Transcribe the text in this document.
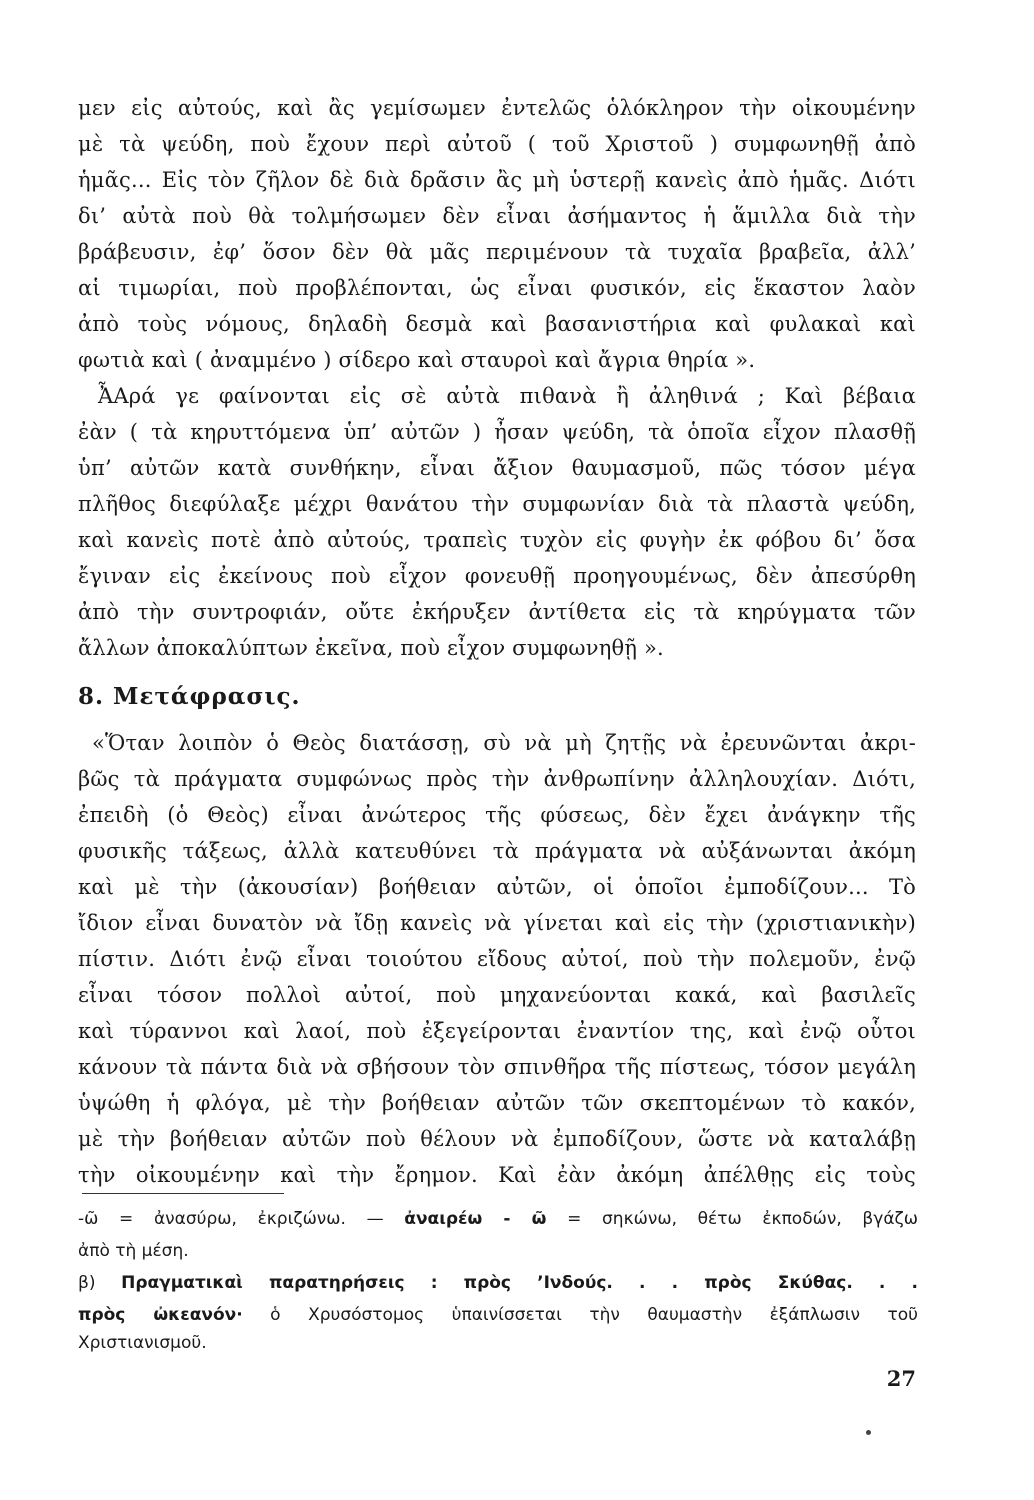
μεν εἰς αὐτούς, καὶ ἂς γεμίσωμεν ἐντελῶς ὁλόκληρον τὴν οἰκουμένην
μὲ τὰ ψεύδη, ποὺ ἔχουν περὶ αὐτοῦ ( τοῦ Χριστοῦ ) συμφωνηθῇ ἀπὸ
ἡμᾶς... Εἰς τὸν ζῆλον δὲ διὰ δρᾶσιν ἂς μὴ ὑστερῇ κανεὶς ἀπὸ ἡμᾶς. Διότι
δι’ αὐτὰ ποὺ θὰ τολμήσωμεν δὲν εἶναι ἀσήμαντος ἡ ἅμιλλα διὰ τὴν
βράβευσιν, ἐφ’ ὅσον δὲν θὰ μᾶς περιμένουν τὰ τυχαῖα βραβεῖα, ἀλλ’
αἱ τιμωρίαι, ποὺ προβλέπονται, ὡς εἶναι φυσικόν, εἰς ἕκαστον λαὸν
ἀπὸ τοὺς νόμους, δηλαδὴ δεσμὰ καὶ βασανιστήρια καὶ φυλακαὶ καὶ
φωτιὰ καὶ ( ἀναμμένο ) σίδερο καὶ σταυροὶ καὶ ἄγρια θηρία ».
ἎΑρά γε φαίνονται εἰς σὲ αὐτὰ πιθανὰ ἢ ἀληθινά ; Καὶ βέβαια
ἐὰν ( τὰ κηρυττόμενα ὑπ’ αὐτῶν ) ἦσαν ψεύδη, τὰ ὁποῖα εἶχον πλασθῇ
ὑπ’ αὐτῶν κατὰ συνθήκην, εἶναι ἄξιον θαυμασμοῦ, πῶς τόσον μέγα
πλῆθος διεφύλαξε μέχρι θανάτου τὴν συμφωνίαν διὰ τὰ πλαστὰ ψεύδη,
καὶ κανεὶς ποτὲ ἀπὸ αὐτούς, τραπεὶς τυχὸν εἰς φυγὴν ἐκ φόβου δι’ ὅσα
ἔγιναν εἰς ἐκείνους ποὺ εἶχον φονευθῇ προηγουμένως, δὲν ἀπεσύρθη
ἀπὸ τὴν συντροφιάν, οὔτε ἐκήρυξεν ἀντίθετα εἰς τὰ κηρύγματα τῶν
ἄλλων ἀποκαλύπτων ἐκεῖνα, ποὺ εἶχον συμφωνηθῇ ».
8. Μετάφρασις.
«Ὅταν λοιπὸν ὁ Θεὸς διατάσσῃ, σὺ νὰ μὴ ζητῇς νὰ ἐρευνῶνται ἀκρι-
βῶς τὰ πράγματα συμφώνως πρὸς τὴν ἀνθρωπίνην ἀλληλουχίαν. Διότι,
ἐπειδὴ (ὁ Θεὸς) εἶναι ἀνώτερος τῆς φύσεως, δὲν ἔχει ἀνάγκην τῆς
φυσικῆς τάξεως, ἀλλὰ κατευθύνει τὰ πράγματα νὰ αὐξάνωνται ἀκόμη
καὶ μὲ τὴν (ἀκουσίαν) βοήθειαν αὐτῶν, οἱ ὁποῖοι ἐμποδίζουν... Τὸ
ἴδιον εἶναι δυνατὸν νὰ ἴδῃ κανεὶς νὰ γίνεται καὶ εἰς τὴν (χριστιανικὴν)
πίστιν. Διότι ἐνῷ εἶναι τοιούτου εἴδους αὐτοί, ποὺ τὴν πολεμοῦν, ἐνῷ
εἶναι τόσον πολλοὶ αὐτοί, ποὺ μηχανεύονται κακά, καὶ βασιλεῖς
καὶ τύραννοι καὶ λαοί, ποὺ ἐξεγείρονται ἐναντίον της, καὶ ἐνῷ οὗτοι
κάνουν τὰ πάντα διὰ νὰ σβήσουν τὸν σπινθῆρα τῆς πίστεως, τόσον μεγάλη
ὑψώθη ἡ φλόγα, μὲ τὴν βοήθειαν αὐτῶν τῶν σκεπτομένων τὸ κακόν,
μὲ τὴν βοήθειαν αὐτῶν ποὺ θέλουν νὰ ἐμποδίζουν, ὥστε νὰ καταλάβῃ
τὴν οἰκουμένην καὶ τὴν ἔρημον. Καὶ ἐὰν ἀκόμη ἀπέλθῃς εἰς τοὺς
-ῶ = ἀνασύρω, ἐκριζώνω. — ἀναιρέω - ῶ = σηκώνω, θέτω ἐκποδών, βγάζω
ἀπὸ τὴ μέση.
β) Πραγματικαὶ παρατηρήσεις : πρὸς ’Ινδούς. . . πρὸς Σκύθας. . .
πρὸς ὠκεανόν· ὁ Χρυσόστομος ὑπαινίσσεται τὴν θαυμαστὴν ἐξάπλωσιν τοῦ
Χριστιανισμοῦ.
27
